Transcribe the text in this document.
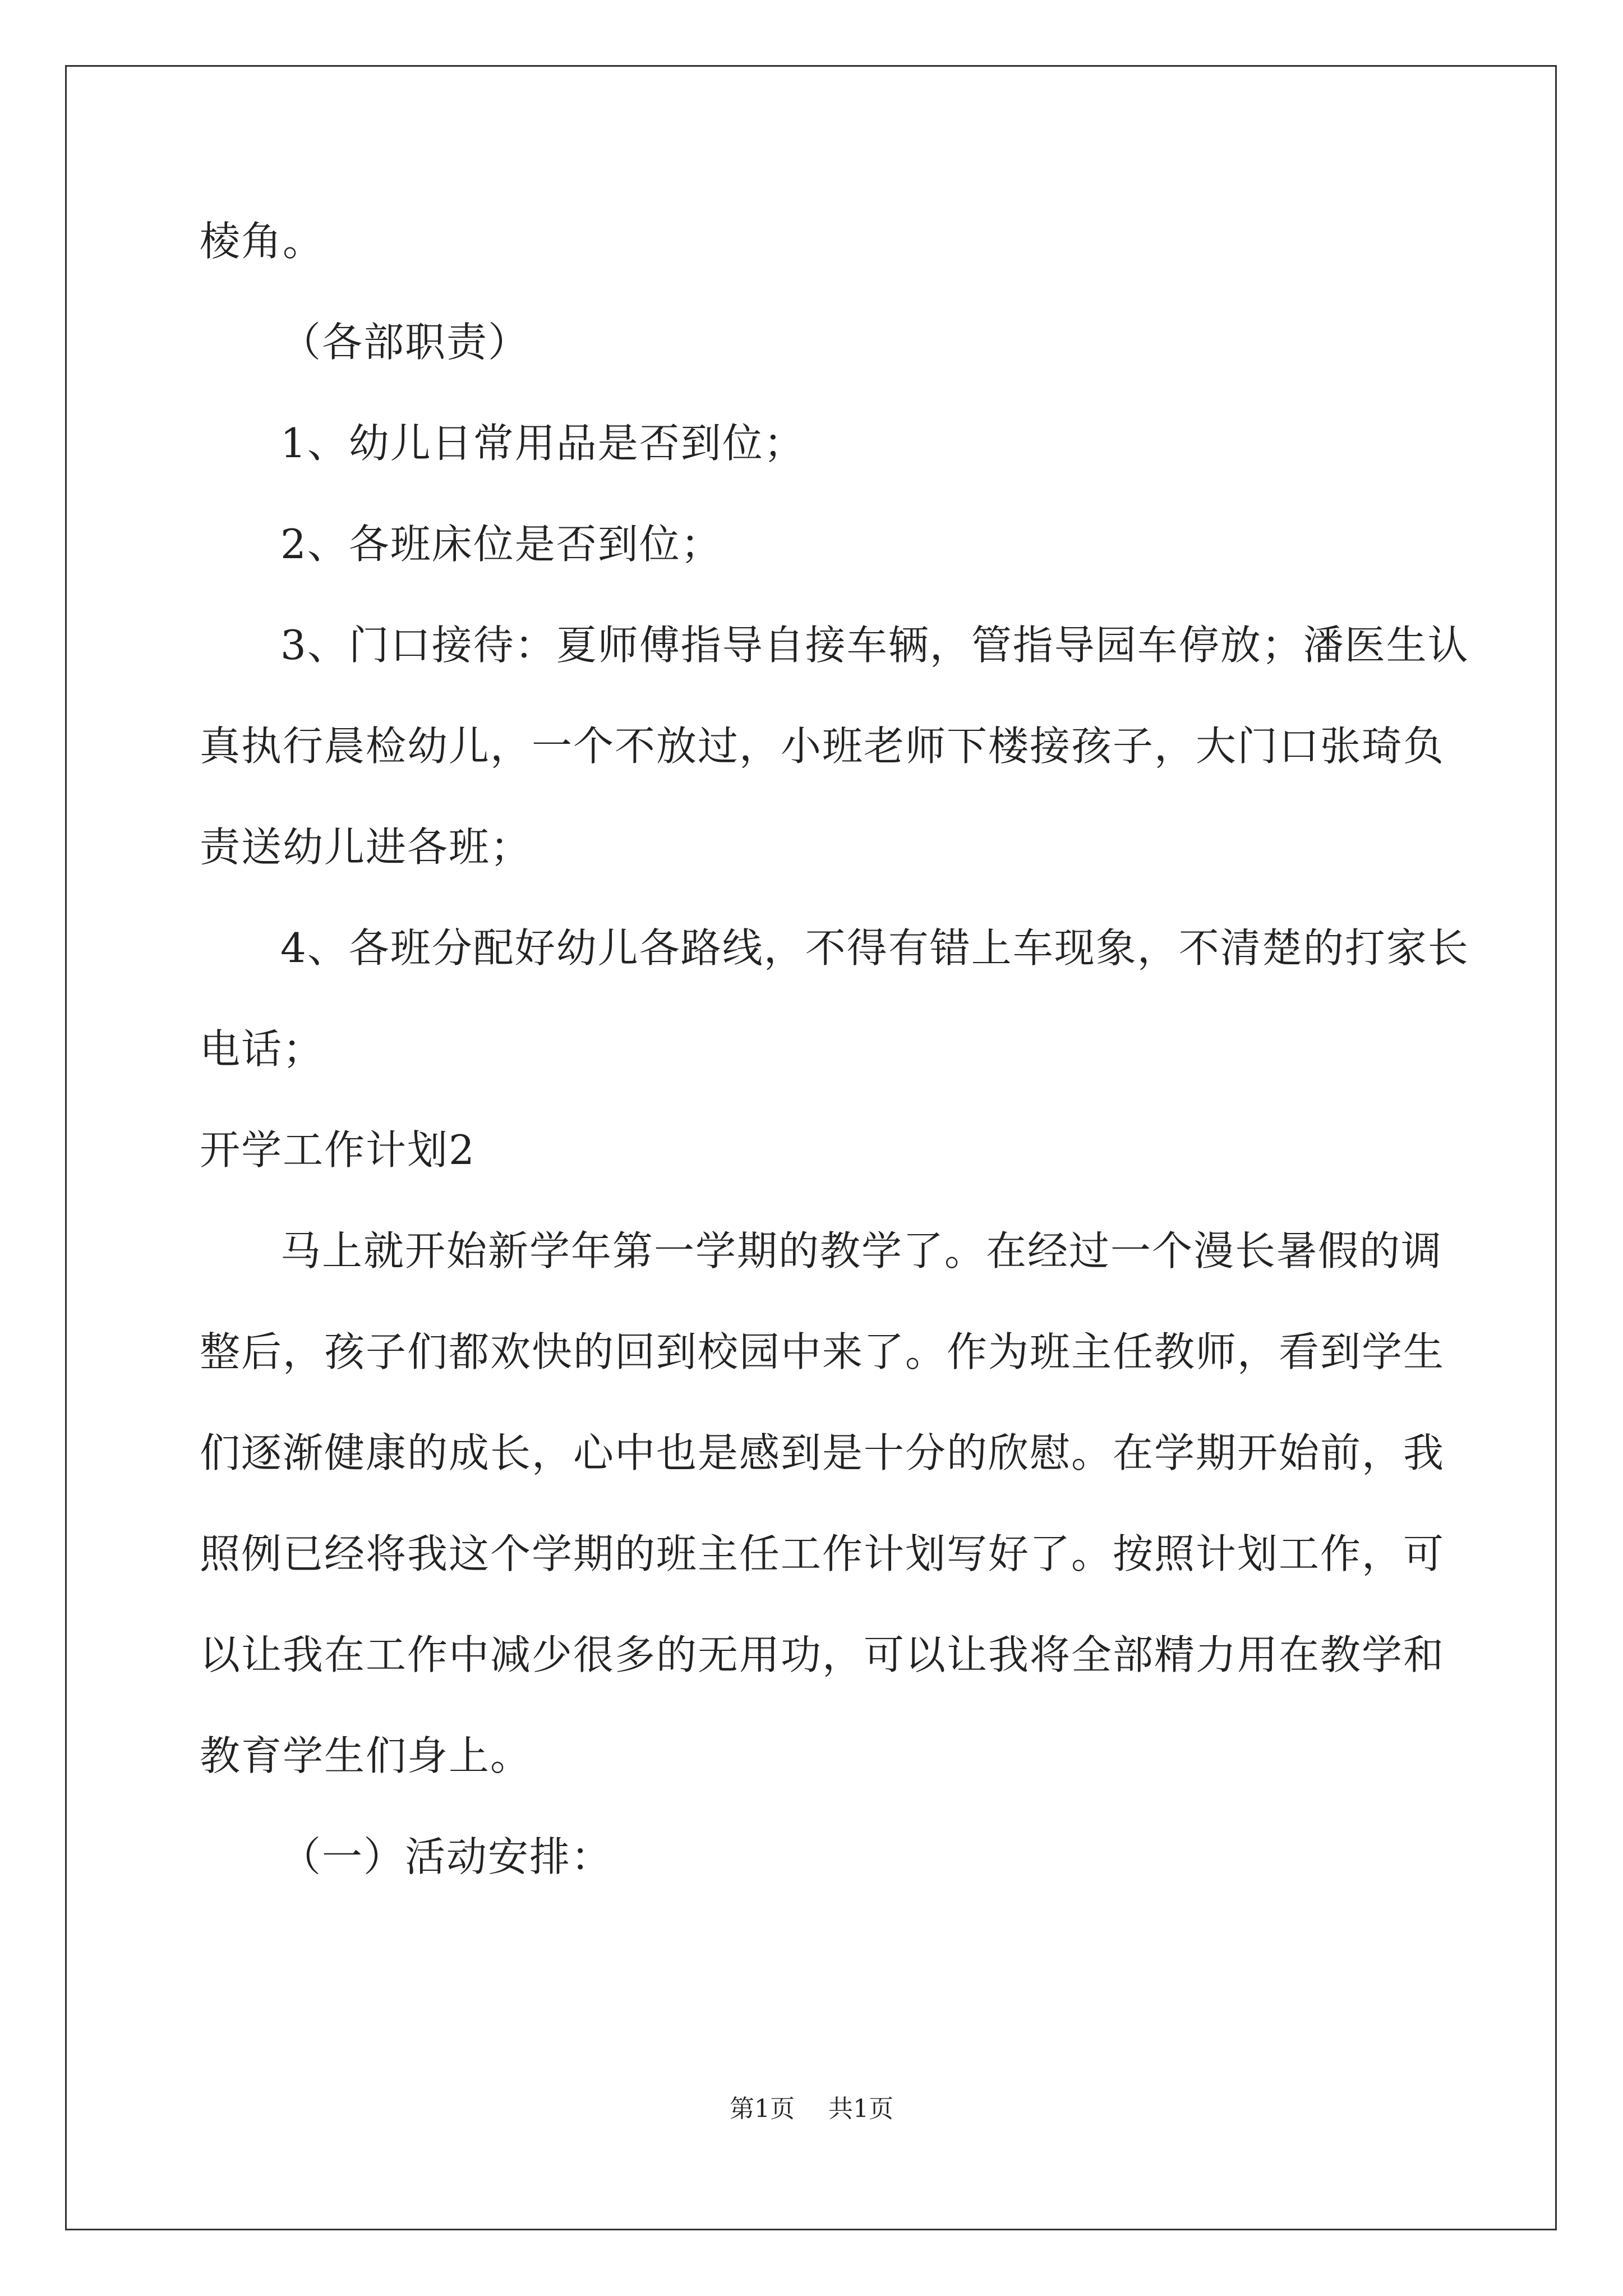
棱角。
（各部职责）
1、幼儿日常用品是否到位；
2、各班床位是否到位；
3、门口接待：夏师傅指导自接车辆，管指导园车停放；潘医生认
真执行晨检幼儿，一个不放过，小班老师下楼接孩子，大门口张琦负
责送幼儿进各班；
4、各班分配好幼儿各路线，不得有错上车现象，不清楚的打家长
电话；
开学工作计划2
马上就开始新学年第一学期的教学了。在经过一个漫长暑假的调
整后，孩子们都欢快的回到校园中来了。作为班主任教师，看到学生
们逐渐健康的成长，心中也是感到是十分的欣慰。在学期开始前，我
照例已经将我这个学期的班主任工作计划写好了。按照计划工作，可
以让我在工作中减少很多的无用功，可以让我将全部精力用在教学和
教育学生们身上。
（一）活动安排：
第1页 共1页
